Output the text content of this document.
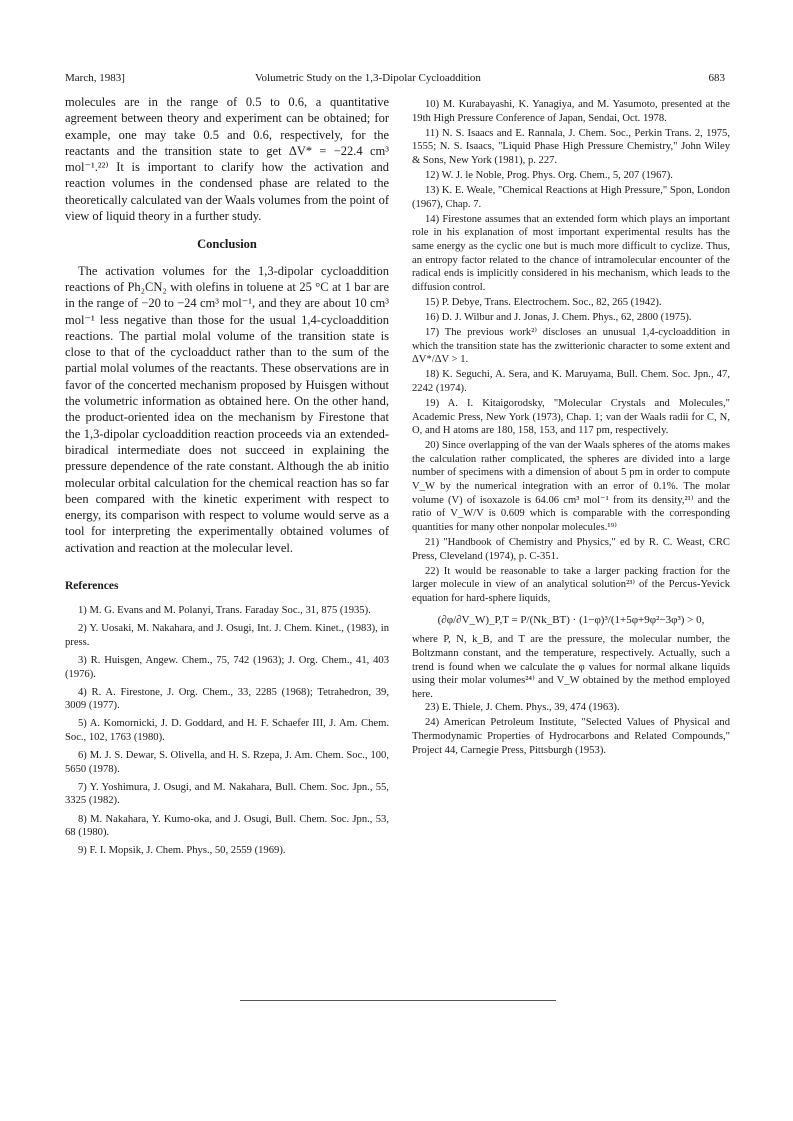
March, 1983]	Volumetric Study on the 1,3-Dipolar Cycloaddition	683

molecules are in the range of 0.5 to 0.6, a quantitative agreement between theory and experiment can be obtained; for example, one may take 0.5 and 0.6, respectively, for the reactants and the transition state to get ΔV* = −22.4 cm³ mol⁻¹.²²⁾ It is important to clarify how the activation and reaction volumes in the condensed phase are related to the theoretically calculated van der Waals volumes from the point of view of liquid theory in a further study.

Conclusion

The activation volumes for the 1,3-dipolar cycloaddition reactions of Ph₂CN₂ with olefins in toluene at 25 °C at 1 bar are in the range of −20 to −24 cm³ mol⁻¹, and they are about 10 cm³ mol⁻¹ less negative than those for the usual 1,4-cycloaddition reactions. The partial molal volume of the transition state is close to that of the cycloadduct rather than to the sum of the partial molal volumes of the reactants. These observations are in favor of the concerted mechanism proposed by Huisgen without the volumetric information as obtained here. On the other hand, the product-oriented idea on the mechanism by Firestone that the 1,3-dipolar cycloaddition reaction proceeds via an extended-biradical intermediate does not succeed in explaining the pressure dependence of the rate constant. Although the ab initio molecular orbital calculation for the chemical reaction has so far been compared with the kinetic experiment with respect to energy, its comparison with respect to volume would serve as a tool for interpreting the experimentally obtained volumes of activation and reaction at the molecular level.

References

1) M. G. Evans and M. Polanyi, Trans. Faraday Soc., 31, 875 (1935).

2) Y. Uosaki, M. Nakahara, and J. Osugi, Int. J. Chem. Kinet., (1983), in press.

3) R. Huisgen, Angew. Chem., 75, 742 (1963); J. Org. Chem., 41, 403 (1976).

4) R. A. Firestone, J. Org. Chem., 33, 2285 (1968); Tetrahedron, 39, 3009 (1977).

5) A. Komornicki, J. D. Goddard, and H. F. Schaefer III, J. Am. Chem. Soc., 102, 1763 (1980).

6) M. J. S. Dewar, S. Olivella, and H. S. Rzepa, J. Am. Chem. Soc., 100, 5650 (1978).

7) Y. Yoshimura, J. Osugi, and M. Nakahara, Bull. Chem. Soc. Jpn., 55, 3325 (1982).

8) M. Nakahara, Y. Kumo-oka, and J. Osugi, Bull. Chem. Soc. Jpn., 53, 68 (1980).

9) F. I. Mopsik, J. Chem. Phys., 50, 2559 (1969).

10) M. Kurabayashi, K. Yanagiya, and M. Yasumoto, presented at the 19th High Pressure Conference of Japan, Sendai, Oct. 1978.

11) N. S. Isaacs and E. Rannala, J. Chem. Soc., Perkin Trans. 2, 1975, 1555; N. S. Isaacs, "Liquid Phase High Pressure Chemistry," John Wiley & Sons, New York (1981), p. 227.

12) W. J. le Noble, Prog. Phys. Org. Chem., 5, 207 (1967).

13) K. E. Weale, "Chemical Reactions at High Pressure," Spon, London (1967), Chap. 7.

14) Firestone assumes that an extended form which plays an important role in his explanation of most important experimental results has the same energy as the cyclic one but is much more difficult to cyclize. Thus, an entropy factor related to the chance of intramolecular encounter of the radical ends is implicitly considered in his mechanism, which leads to the diffusion control.

15) P. Debye, Trans. Electrochem. Soc., 82, 265 (1942).

16) D. J. Wilbur and J. Jonas, J. Chem. Phys., 62, 2800 (1975).

17) The previous work²⁾ discloses an unusual 1,4-cycloaddition in which the transition state has the zwitterionic character to some extent and ΔV*/ΔV > 1.

18) K. Seguchi, A. Sera, and K. Maruyama, Bull. Chem. Soc. Jpn., 47, 2242 (1974).

19) A. I. Kitaigorodsky, "Molecular Crystals and Molecules," Academic Press, New York (1973), Chap. 1; van der Waals radii for C, N, O, and H atoms are 180, 158, 153, and 117 pm, respectively.

20) Since overlapping of the van der Waals spheres of the atoms makes the calculation rather complicated, the spheres are divided into a large number of specimens with a dimension of about 5 pm in order to compute V_W by the numerical integration with an error of 0.1%. The molar volume (V) of isoxazole is 64.06 cm³ mol⁻¹ from its density,²¹⁾ and the ratio of V_W/V is 0.609 which is comparable with the corresponding quantities for many other nonpolar molecules.¹⁹⁾

21) "Handbook of Chemistry and Physics," ed by R. C. Weast, CRC Press, Cleveland (1974), p. C-351.

22) It would be reasonable to take a larger packing fraction for the larger molecule in view of an analytical solution²³⁾ of the Percus-Yevick equation for hard-sphere liquids,

(∂φ/∂V_W)_P,T = P/(Nk_BT) · (1−φ)³/(1+5φ+9φ²−3φ³) > 0,

where P, N, k_B, and T are the pressure, the molecular number, the Boltzmann constant, and the temperature, respectively. Actually, such a trend is found when we calculate the φ values for normal alkane liquids using their molar volumes²⁴⁾ and V_W obtained by the method employed here.

23) E. Thiele, J. Chem. Phys., 39, 474 (1963).

24) American Petroleum Institute, "Selected Values of Physical and Thermodynamic Properties of Hydrocarbons and Related Compounds," Project 44, Carnegie Press, Pittsburgh (1953).
